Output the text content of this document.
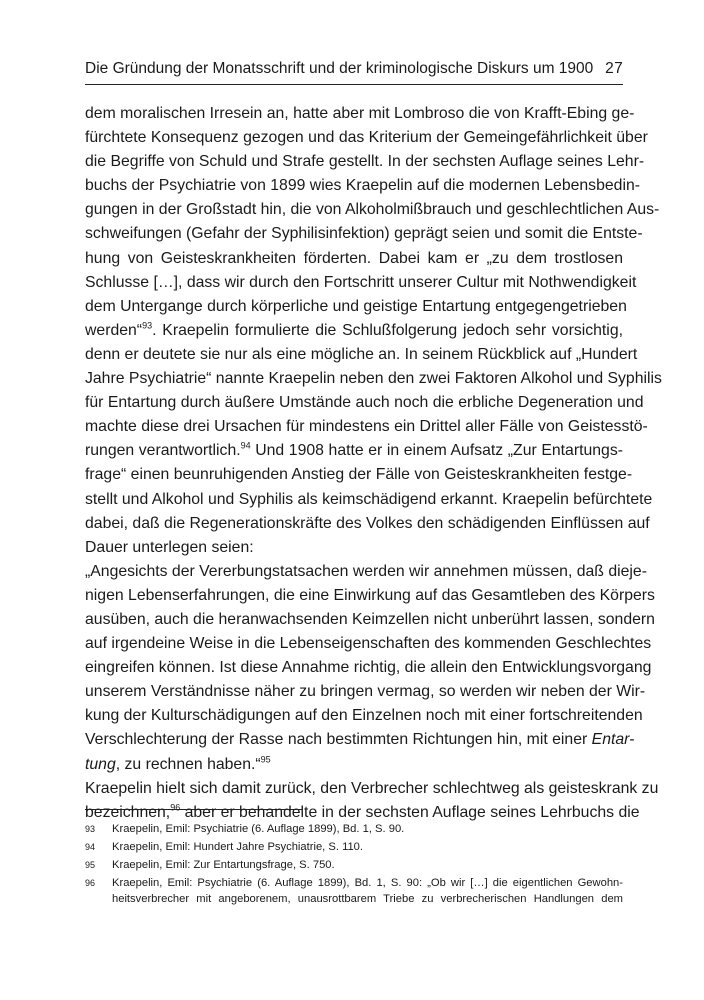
Die Gründung der Monatsschrift und der kriminologische Diskurs um 1900 27
dem moralischen Irresein an, hatte aber mit Lombroso die von Krafft-Ebing ge-
fürchtete Konsequenz gezogen und das Kriterium der Gemeingefährlichkeit über
die Begriffe von Schuld und Strafe gestellt. In der sechsten Auflage seines Lehr-
buchs der Psychiatrie von 1899 wies Kraepelin auf die modernen Lebensbedin-
gungen in der Großstadt hin, die von Alkoholmißbrauch und geschlechtlichen Aus-
schweifungen (Gefahr der Syphilisinfektion) geprägt seien und somit die Entste-
hung von Geisteskrankheiten förderten. Dabei kam er „zu dem trostlosen
Schlusse […], dass wir durch den Fortschritt unserer Cultur mit Nothwendigkeit
dem Untergange durch körperliche und geistige Entartung entgegengetrieben
werden“$^{93}$. Kraepelin formulierte die Schlußfolgerung jedoch sehr vorsichtig,
denn er deutete sie nur als eine mögliche an. In seinem Rückblick auf „Hundert
Jahre Psychiatrie“ nannte Kraepelin neben den zwei Faktoren Alkohol und Syphilis
für Entartung durch äußere Umstände auch noch die erbliche Degeneration und
machte diese drei Ursachen für mindestens ein Drittel aller Fälle von Geistesstö-
rungen verantwortlich.$^{94}$ Und 1908 hatte er in einem Aufsatz „Zur Entartungs-
frage“ einen beunruhigenden Anstieg der Fälle von Geisteskrankheiten festge-
stellt und Alkohol und Syphilis als keimschädigend erkannt. Kraepelin befürchtete
dabei, daß die Regenerationskräfte des Volkes den schädigenden Einflüssen auf
Dauer unterlegen seien:
„Angesichts der Vererbungstatsachen werden wir annehmen müssen, daß dieje-
nigen Lebenserfahrungen, die eine Einwirkung auf das Gesamtleben des Körpers
ausüben, auch die heranwachsenden Keimzellen nicht unberührt lassen, sondern
auf irgendeine Weise in die Lebenseigenschaften des kommenden Geschlechtes
eingreifen können. Ist diese Annahme richtig, die allein den Entwicklungsvorgang
unserem Verständnisse näher zu bringen vermag, so werden wir neben der Wir-
kung der Kulturschädigungen auf den Einzelnen noch mit einer fortschreitenden
Verschlechterung der Rasse nach bestimmten Richtungen hin, mit einer Entar-
tung, zu rechnen haben.“$^{95}$
Kraepelin hielt sich damit zurück, den Verbrecher schlechtweg als geisteskrank zu
bezeichnen,$^{96}$ aber er behandelte in der sechsten Auflage seines Lehrbuchs die
93 Kraepelin, Emil: Psychiatrie (6. Auflage 1899), Bd. 1, S. 90.
94 Kraepelin, Emil: Hundert Jahre Psychiatrie, S. 110.
95 Kraepelin, Emil: Zur Entartungsfrage, S. 750.
96 Kraepelin, Emil: Psychiatrie (6. Auflage 1899), Bd. 1, S. 90: „Ob wir […] die eigentlichen Gewohn-
heitsverbrecher mit angeborenem, unausrottbarem Triebe zu verbrecherischen Handlungen dem
